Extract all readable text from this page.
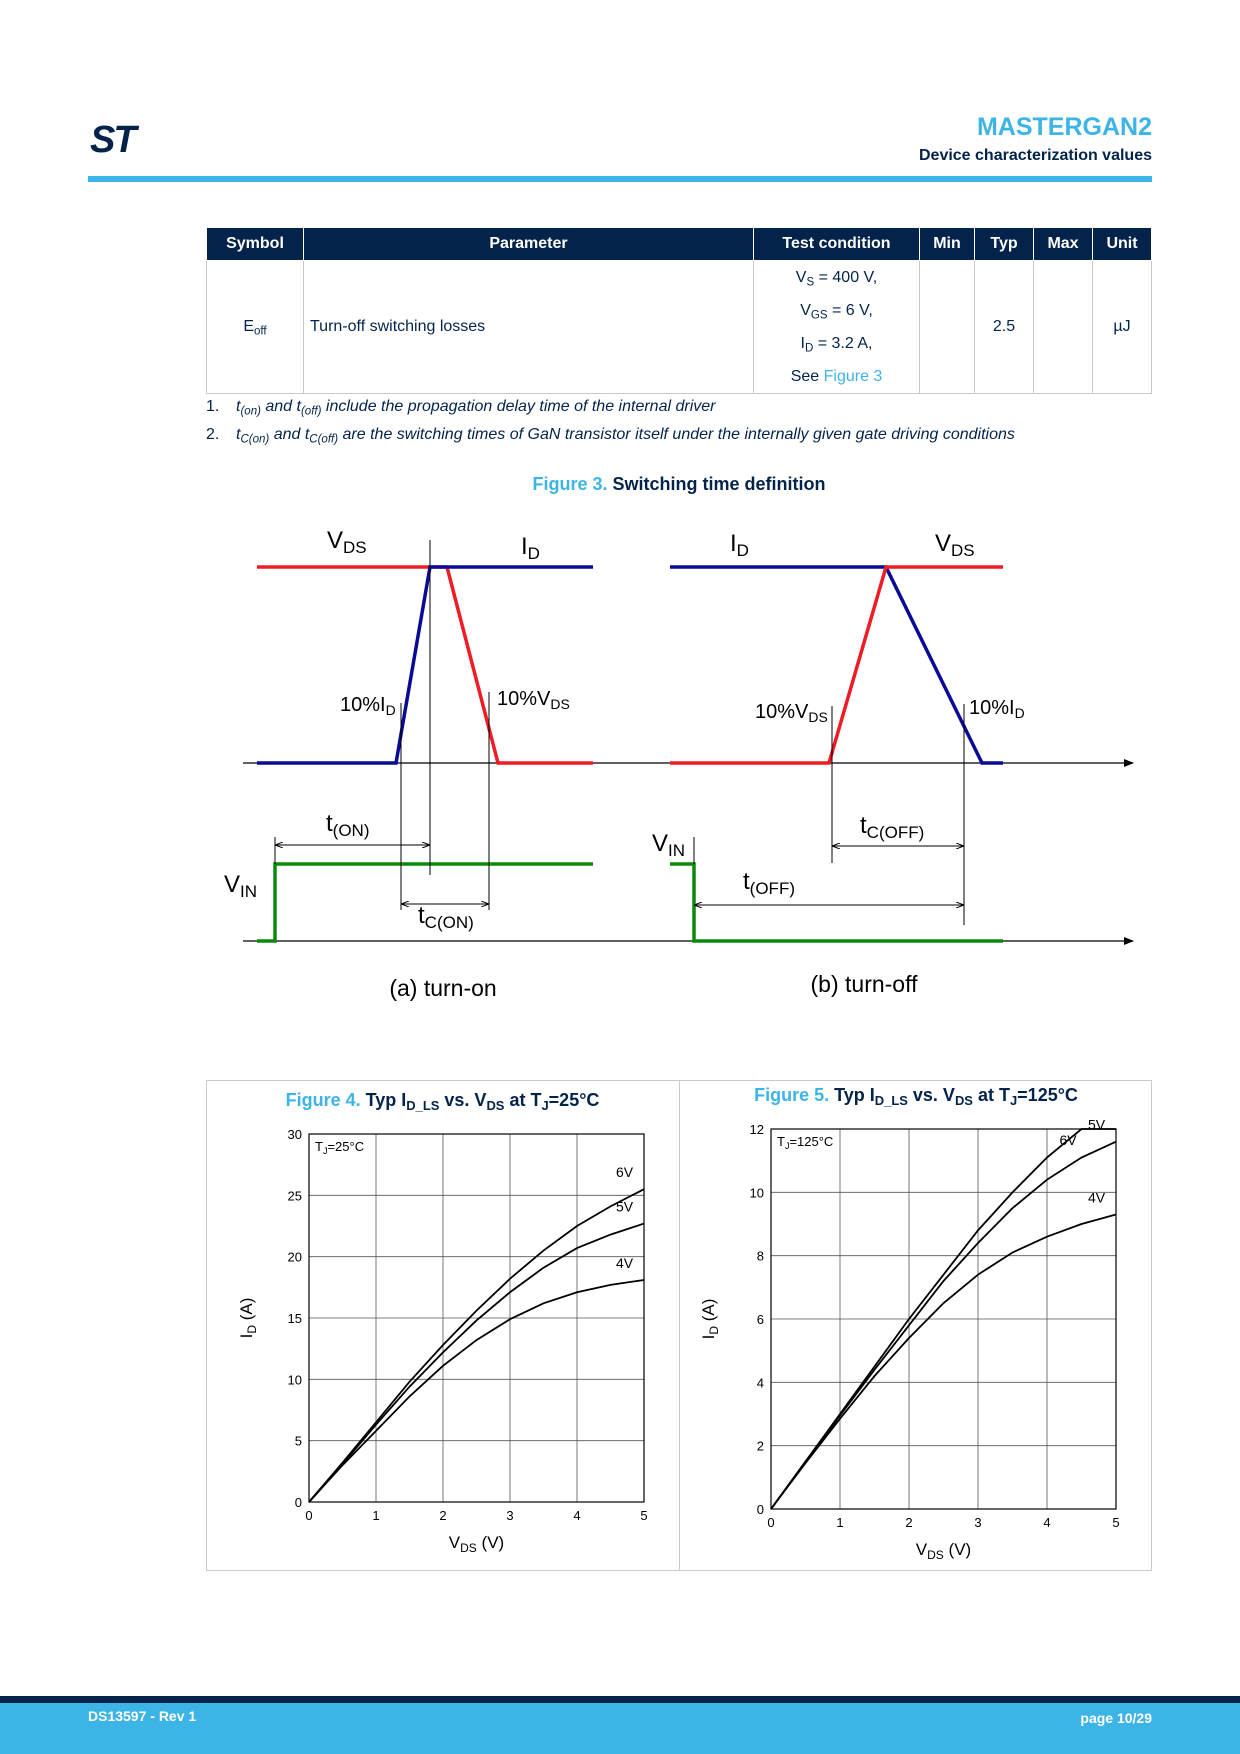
ST	MASTERGAN2
Device characterization values
Symbol	Parameter	Test condition	Min	Typ	Max	Unit
$E_{off}$	Turn-off switching losses	$V_S = 400$ V,
$V_{GS} = 6$ V,
$I_D = 3.2$ A,
See Figure 3		2.5		µJ
1. $t_{(on)}$ and $t_{(off)}$ include the propagation delay time of the internal driver
2. $t_{C(on)}$ and $t_{C(off)}$ are the switching times of GaN transistor itself under the internally given gate driving conditions
Figure 3. Switching time definition
$V_{DS}$	$I_D$
$10\%I_D$	$10\%V_{DS}$
$t_{(ON)}$
$V_{IN}$
$t_{C(ON)}$
(a) turn-on
$I_D$	$V_{DS}$
$10\%V_{DS}$	$10\%I_D$
$t_{C(OFF)}$
$V_{IN}$
$t_{(OFF)}$
(b) turn-off
Figure 4. Typ $I_{D\_LS}$ vs. $V_{DS}$ at $T_J=25^\circ C$	Figure 5. Typ $I_{D\_LS}$ vs. $V_{DS}$ at $T_J=125^\circ C$
0	1	2	3	4	5
0
5
10
15
20
25
30
$T_J=25^\circ C$
6V
5V
4V
$V_{DS}$ (V)
$I_D$ (A)
0	1	2	3	4	5
0
2
4
6
8
10
12
$T_J=125^\circ C$	6V
5V
4V
$V_{DS}$ (V)
$I_D$ (A)
DS13597 - Rev 1	page 10/29
